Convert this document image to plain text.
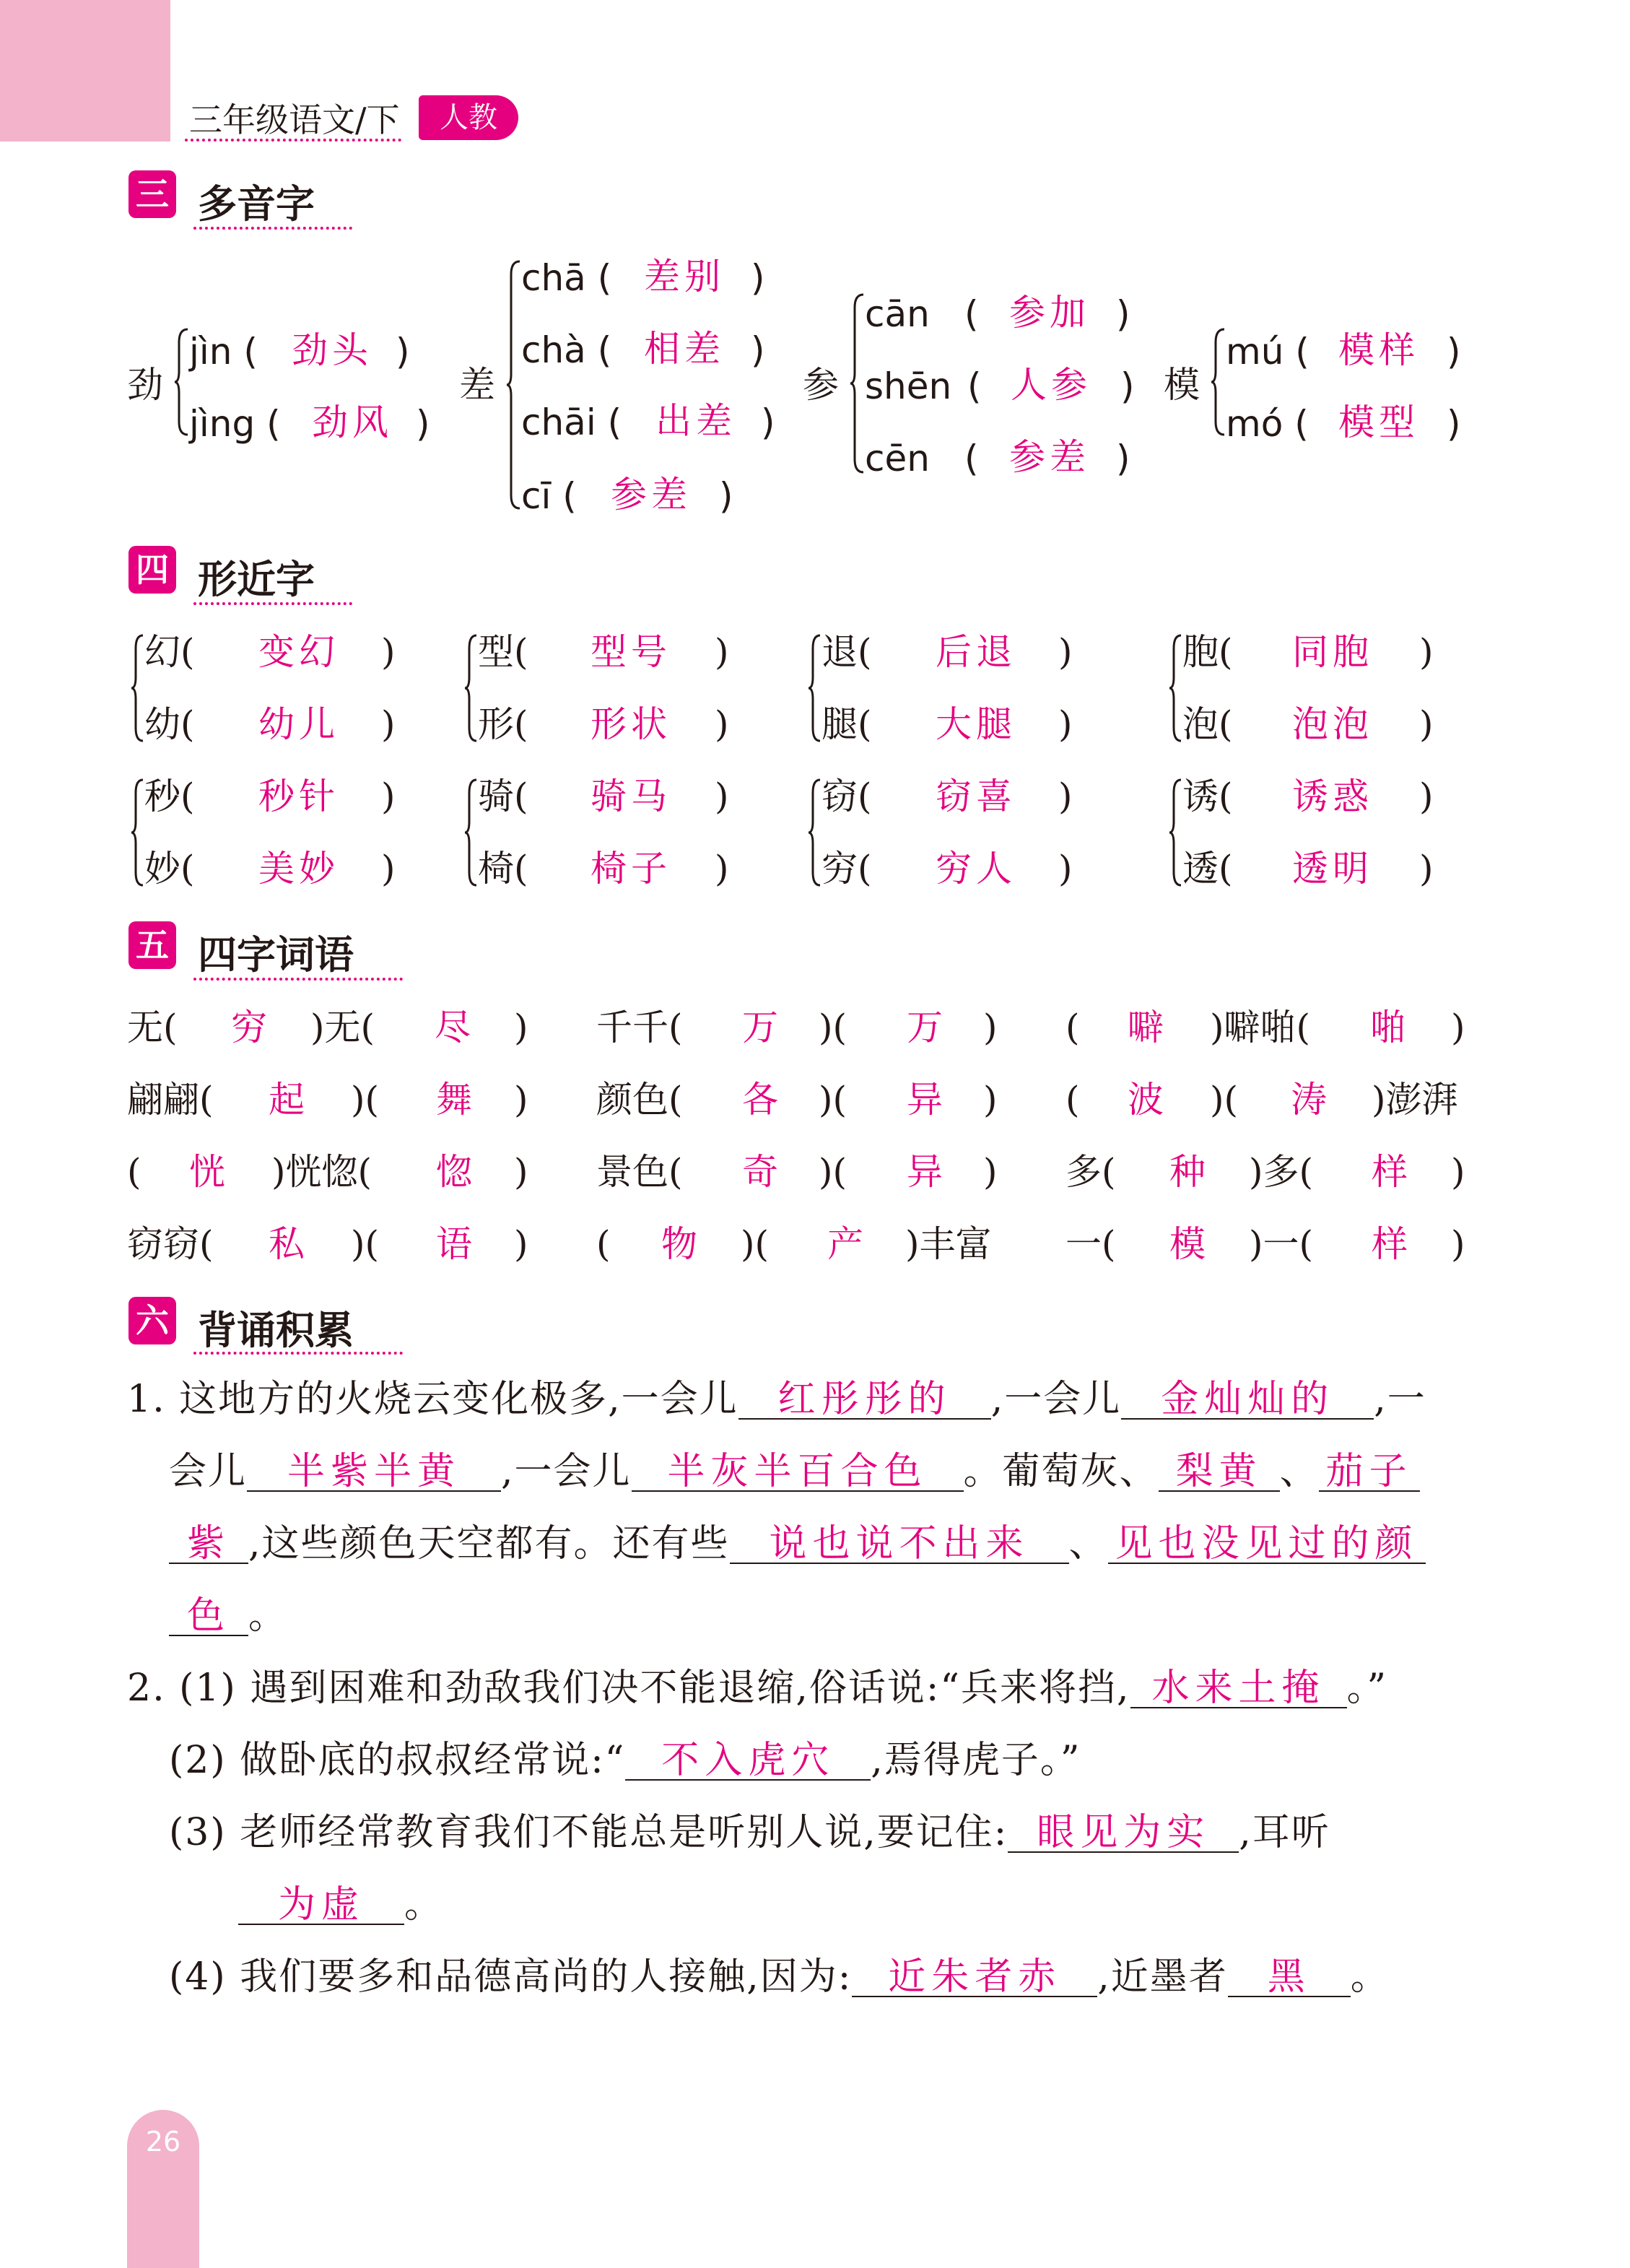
三年级语文/下	人教
三 多音字
劲
jìn ( 劲头 )
jìng ( 劲风 )
差
chā ( 差别 )
chà ( 相差 )
chāi ( 出差 )
cī ( 参差 )
参
cān ( 参加 )
shēn ( 人参 )
cēn ( 参差 )
模
mú ( 模样 )
mó ( 模型 )
四 形近字
幻( 变幻 )
幼( 幼儿 )
型( 型号 )
形( 形状 )
退( 后退 )
腿( 大腿 )
胞( 同胞 )
泡( 泡泡 )
秒( 秒针 )
妙( 美妙 )
骑( 骑马 )
椅( 椅子 )
窃( 窃喜 )
穷( 穷人 )
诱( 诱惑 )
透( 透明 )
五 四字词语
无( 穷 )无( 尽 ) 千千( 万 )( 万 ) ( 噼 )噼啪( 啪 )
翩翩( 起 )( 舞 ) 颜色( 各 )( 异 ) ( 波 )( 涛 )澎湃
( 恍 )恍惚( 惚 ) 景色( 奇 )( 异 ) 多( 种 )多( 样 )
窃窃( 私 )( 语 ) ( 物 )( 产 )丰富 一( 模 )一( 样 )
六 背诵积累
1. 这地方的火烧云变化极多,一会儿 红彤彤的 ,一会儿 金灿灿的 ,一
会儿 半紫半黄 ,一会儿 半灰半百合色 。葡萄灰、 梨黄 、 茄子
紫 ,这些颜色天空都有。还有些 说也说不出来 、 见也没见过的颜
色 。
2. (1) 遇到困难和劲敌我们决不能退缩,俗话说:“兵来将挡, 水来土掩 。”
(2) 做卧底的叔叔经常说:“ 不入虎穴 ,焉得虎子。”
(3) 老师经常教育我们不能总是听别人说,要记住: 眼见为实 ,耳听
为虚 。
(4) 我们要多和品德高尚的人接触,因为: 近朱者赤 ,近墨者 黑 。
26
